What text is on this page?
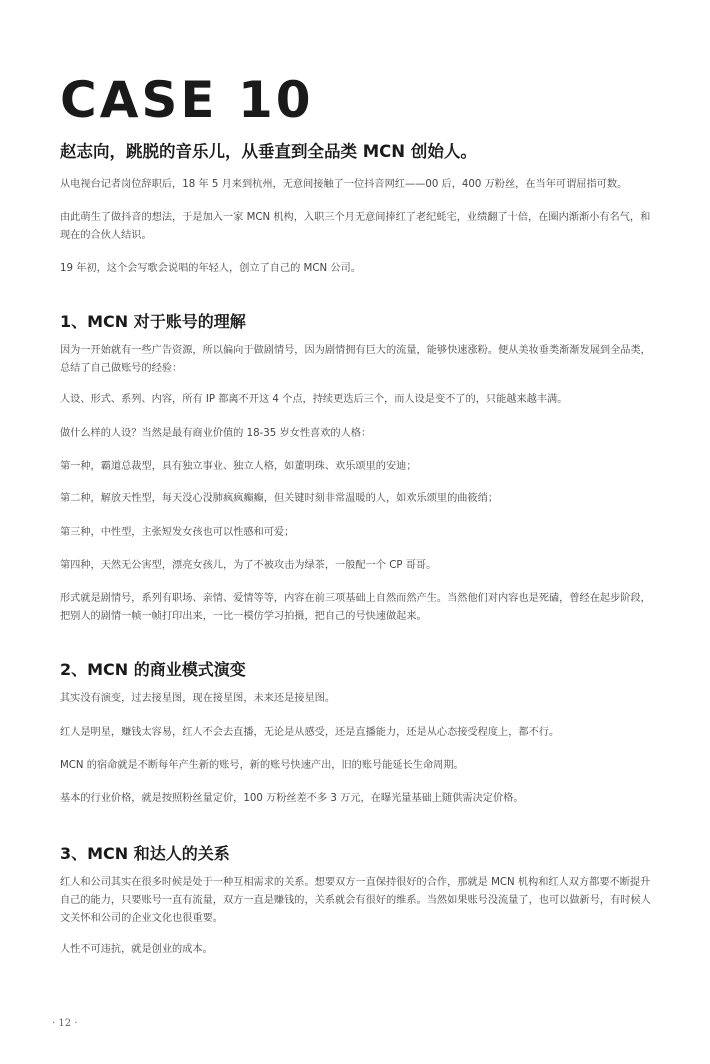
CASE 10
赵志向，跳脱的音乐儿，从垂直到全品类 MCN 创始人。

从电视台记者岗位辞职后，18 年 5 月来到杭州，无意间接触了一位抖音网红——00 后，400 万粉丝，在当年可谓屈指可数。

由此萌生了做抖音的想法，于是加入一家 MCN 机构，入职三个月无意间捧红了老纪蚝宅，业绩翻了十倍，在圈内渐渐小有名气，和现在的合伙人结识。

19 年初，这个会写歌会说唱的年轻人，创立了自己的 MCN 公司。

1、MCN 对于账号的理解

因为一开始就有一些广告资源，所以偏向于做剧情号，因为剧情拥有巨大的流量，能够快速涨粉。便从美妆垂类渐渐发展到全品类，总结了自己做账号的经验：

人设、形式、系列、内容，所有 IP 都离不开这 4 个点，持续更迭后三个，而人设是变不了的，只能越来越丰满。

做什么样的人设？当然是最有商业价值的 18-35 岁女性喜欢的人格：

第一种，霸道总裁型，具有独立事业、独立人格，如董明珠、欢乐颂里的安迪；

第二种，解放天性型，每天没心没肺疯疯癫癫，但关键时刻非常温暖的人，如欢乐颂里的曲筱绡；

第三种，中性型，主张短发女孩也可以性感和可爱；

第四种，天然无公害型，漂亮女孩儿，为了不被攻击为绿茶，一般配一个 CP 哥哥。

形式就是剧情号，系列有职场、亲情、爱情等等，内容在前三项基础上自然而然产生。当然他们对内容也是死磕，曾经在起步阶段，把别人的剧情一帧一帧打印出来，一比一模仿学习拍摄，把自己的号快速做起来。

2、MCN 的商业模式演变

其实没有演变，过去接星图，现在接星图，未来还是接星图。

红人是明星，赚钱太容易，红人不会去直播，无论是从感受，还是直播能力，还是从心态接受程度上，都不行。

MCN 的宿命就是不断每年产生新的账号，新的账号快速产出，旧的账号能延长生命周期。

基本的行业价格，就是按照粉丝量定价，100 万粉丝差不多 3 万元，在曝光量基础上随供需决定价格。

3、MCN 和达人的关系

红人和公司其实在很多时候是处于一种互相需求的关系。想要双方一直保持很好的合作，那就是 MCN 机构和红人双方都要不断提升自己的能力，只要账号一直有流量，双方一直是赚钱的，关系就会有很好的维系。当然如果账号没流量了，也可以做新号，有时候人文关怀和公司的企业文化也很重要。

人性不可违抗，就是创业的成本。

· 12 ·
